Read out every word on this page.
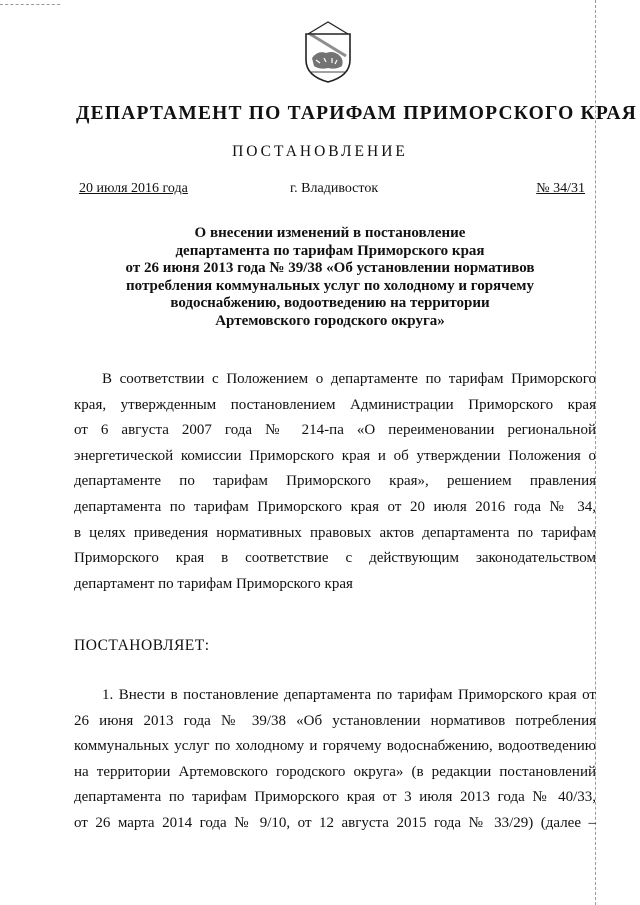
ДЕПАРТАМЕНТ ПО ТАРИФАМ ПРИМОРСКОГО КРАЯ
ПОСТАНОВЛЕНИЕ
20 июля 2016 года	г. Владивосток	№ 34/31
О внесении изменений в постановление
департамента по тарифам Приморского края
от 26 июня 2013 года № 39/38 «Об установлении нормативов
потребления коммунальных услуг по холодному и горячему
водоснабжению, водоотведению на территории
Артемовского городского округа»
В соответствии с Положением о департаменте по тарифам Приморского
края, утвержденным постановлением Администрации Приморского края
от 6 августа 2007 года № 214-па «О переименовании региональной
энергетической комиссии Приморского края и об утверждении Положения о
департаменте по тарифам Приморского края», решением правления
департамента по тарифам Приморского края от 20 июля 2016 года № 34,
в целях приведения нормативных правовых актов департамента по тарифам
Приморского края в соответствие с действующим законодательством
департамент по тарифам Приморского края
ПОСТАНОВЛЯЕТ:
1. Внести в постановление департамента по тарифам Приморского края от
26 июня 2013 года № 39/38 «Об установлении нормативов потребления
коммунальных услуг по холодному и горячему водоснабжению, водоотведению
на территории Артемовского городского округа» (в редакции постановлений
департамента по тарифам Приморского края от 3 июля 2013 года № 40/33,
от 26 марта 2014 года № 9/10, от 12 августа 2015 года № 33/29) (далее –
